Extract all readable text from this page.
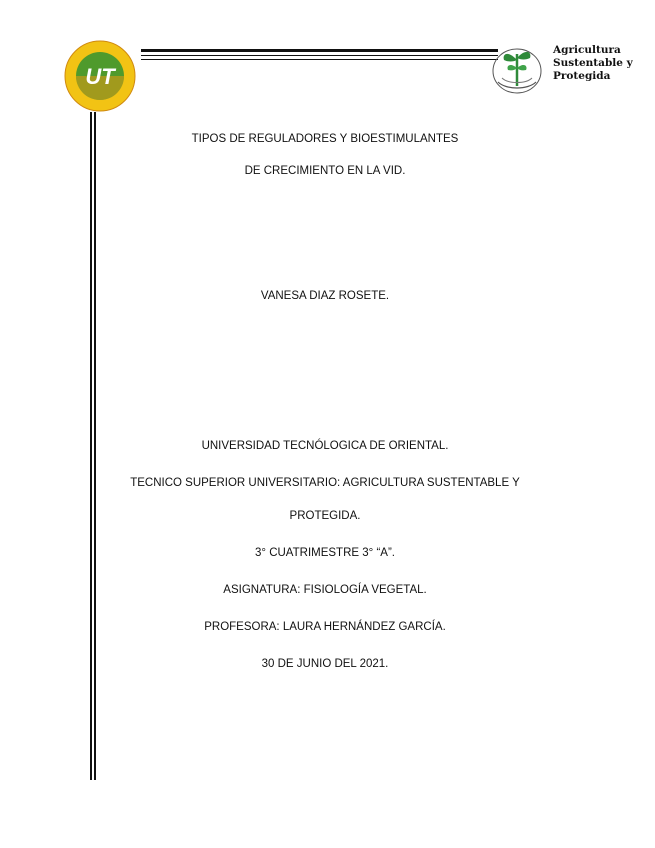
UT
Agricultura
Sustentable y
Protegida
TIPOS DE REGULADORES Y BIOESTIMULANTES
DE CRECIMIENTO EN LA VID.
VANESA DIAZ ROSETE.
UNIVERSIDAD TECNÓLOGICA DE ORIENTAL.
TECNICO SUPERIOR UNIVERSITARIO: AGRICULTURA SUSTENTABLE Y
PROTEGIDA.
3° CUATRIMESTRE 3° “A”.
ASIGNATURA: FISIOLOGÍA VEGETAL.
PROFESORA: LAURA HERNÁNDEZ GARCÍA.
30 DE JUNIO DEL 2021.
